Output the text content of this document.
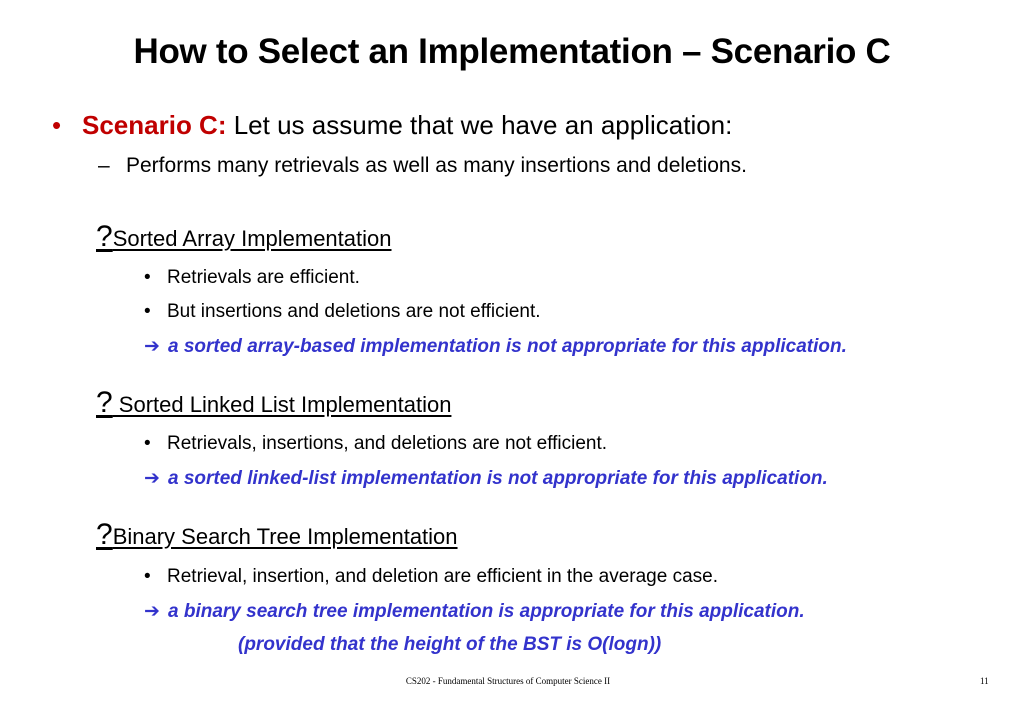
How to Select an Implementation – Scenario C
• Scenario C: Let us assume that we have an application:
– Performs many retrievals as well as many insertions and deletions.
?Sorted Array Implementation
• Retrievals are efficient.
• But insertions and deletions are not efficient.
➔ a sorted array-based implementation is not appropriate for this application.
? Sorted Linked List Implementation
• Retrievals, insertions, and deletions are not efficient.
➔ a sorted linked-list implementation is not appropriate for this application.
?Binary Search Tree Implementation
• Retrieval, insertion, and deletion are efficient in the average case.
➔ a binary search tree implementation is appropriate for this application.
(provided that the height of the BST is O(logn))
CS202 - Fundamental Structures of Computer Science II	11
